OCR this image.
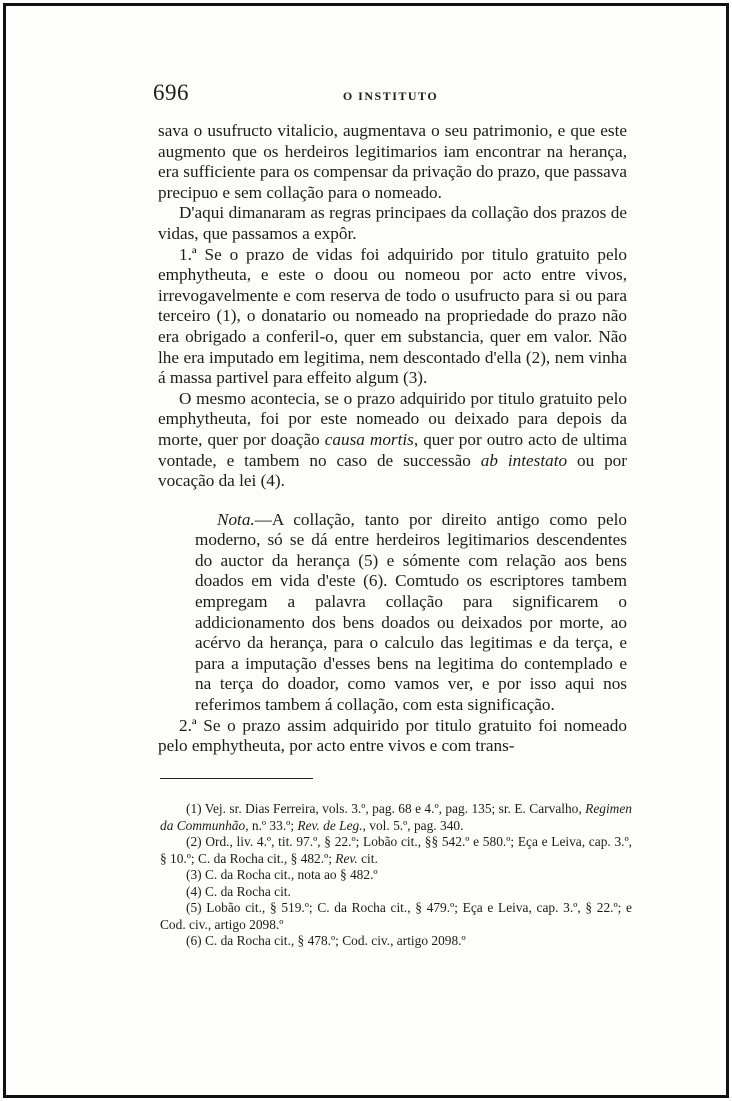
696	O INSTITUTO

sava o usufructo vitalicio, augmentava o seu patrimonio, e que este augmento que os herdeiros legitimarios iam encontrar na herança, era sufficiente para os compensar da privação do prazo, que passava precipuo e sem collação para o nomeado.

D'aqui dimanaram as regras principaes da collação dos prazos de vidas, que passamos a expôr.

1.ª Se o prazo de vidas foi adquirido por titulo gratuito pelo emphytheuta, e este o doou ou nomeou por acto entre vivos, irrevogavelmente e com reserva de todo o usufructo para si ou para terceiro (1), o donatario ou nomeado na propriedade do prazo não era obrigado a conferil-o, quer em substancia, quer em valor. Não lhe era imputado em legitima, nem descontado d'ella (2), nem vinha á massa partivel para effeito algum (3).

O mesmo acontecia, se o prazo adquirido por titulo gratuito pelo emphytheuta, foi por este nomeado ou deixado para depois da morte, quer por doação causa mortis, quer por outro acto de ultima vontade, e tambem no caso de successão ab intestato ou por vocação da lei (4).

Nota.—A collação, tanto por direito antigo como pelo moderno, só se dá entre herdeiros legitimarios descendentes do auctor da herança (5) e sómente com relação aos bens doados em vida d'este (6). Comtudo os escriptores tambem empregam a palavra collação para significarem o addicionamento dos bens doados ou deixados por morte, ao acérvo da herança, para o calculo das legitimas e da terça, e para a imputação d'esses bens na legitima do contemplado e na terça do doador, como vamos ver, e por isso aqui nos referimos tambem á collação, com esta significação.

2.ª Se o prazo assim adquirido por titulo gratuito foi nomeado pelo emphytheuta, por acto entre vivos e com trans-

(1) Vej. sr. Dias Ferreira, vols. 3.º, pag. 68 e 4.º, pag. 135; sr. E. Carvalho, Regimen da Communhão, n.º 33.º; Rev. de Leg., vol. 5.º, pag. 340.

(2) Ord., liv. 4.º, tit. 97.º, § 22.º; Lobão cit., §§ 542.º e 580.º; Eça e Leiva, cap. 3.º, § 10.º; C. da Rocha cit., § 482.º; Rev. cit.

(3) C. da Rocha cit., nota ao § 482.º

(4) C. da Rocha cit.

(5) Lobão cit., § 519.º; C. da Rocha cit., § 479.º; Eça e Leiva, cap. 3.º, § 22.º; e Cod. civ., artigo 2098.º

(6) C. da Rocha cit., § 478.º; Cod. civ., artigo 2098.º
